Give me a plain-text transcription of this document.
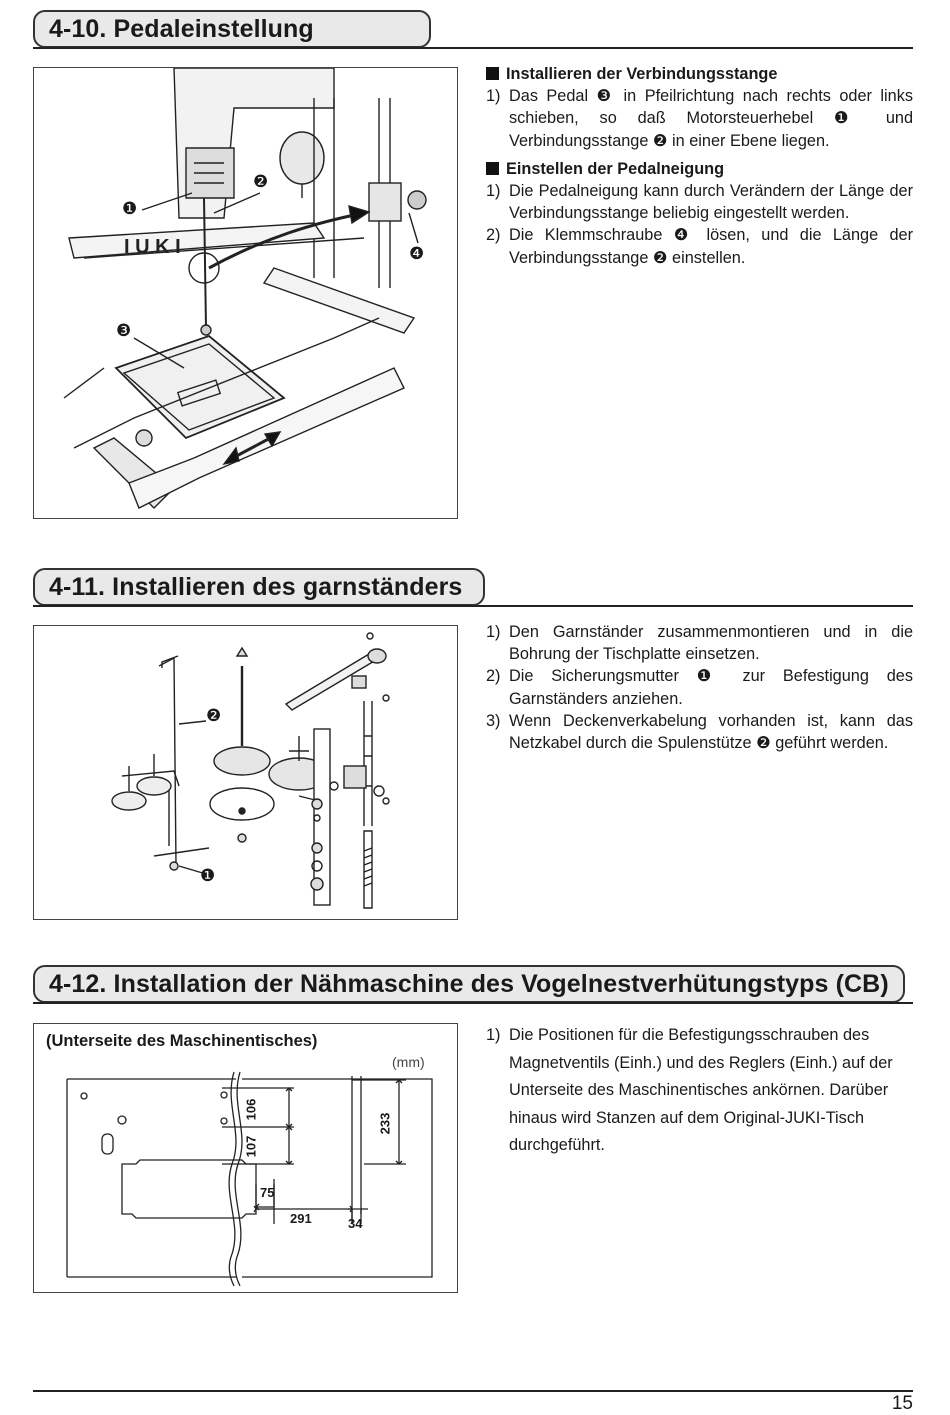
4-10. Pedaleinstellung
I U K I
❶
❷
❸
❹
Installieren der Verbindungsstange
1) Das Pedal ❸ in Pfeilrichtung nach rechts oder links schieben, so daß Motorsteuerhebel ❶ und Verbindungsstange ❷ in einer Ebene liegen.
Einstellen der Pedalneigung
1) Die Pedalneigung kann durch Verändern der Länge der Verbindungsstange beliebig eingestellt werden.
2) Die Klemmschraube ❹ lösen, und die Länge der Verbindungsstange ❷ einstellen.
4-11. Installieren des garnständers
❷
❶
1) Den Garnständer zusammenmontieren und in die Bohrung der Tischplatte einsetzen.
2) Die Sicherungsmutter ❶ zur Befestigung des Garnständers anziehen.
3) Wenn Deckenverkabelung vorhanden ist, kann das Netzkabel durch die Spulenstütze ❷ geführt werden.
4-12. Installation der Nähmaschine des Vogelnestverhütungstyps (CB)
(Unterseite des Maschinentisches)
(mm)
106
107
233
75
291	34
1) Die Positionen für die Befestigungsschrauben des Magnetventils (Einh.) und des Reglers (Einh.) auf der Unterseite des Maschinentisches ankörnen. Darüber hinaus wird Stanzen auf dem Original-JUKI-Tisch durchgeführt.
15
